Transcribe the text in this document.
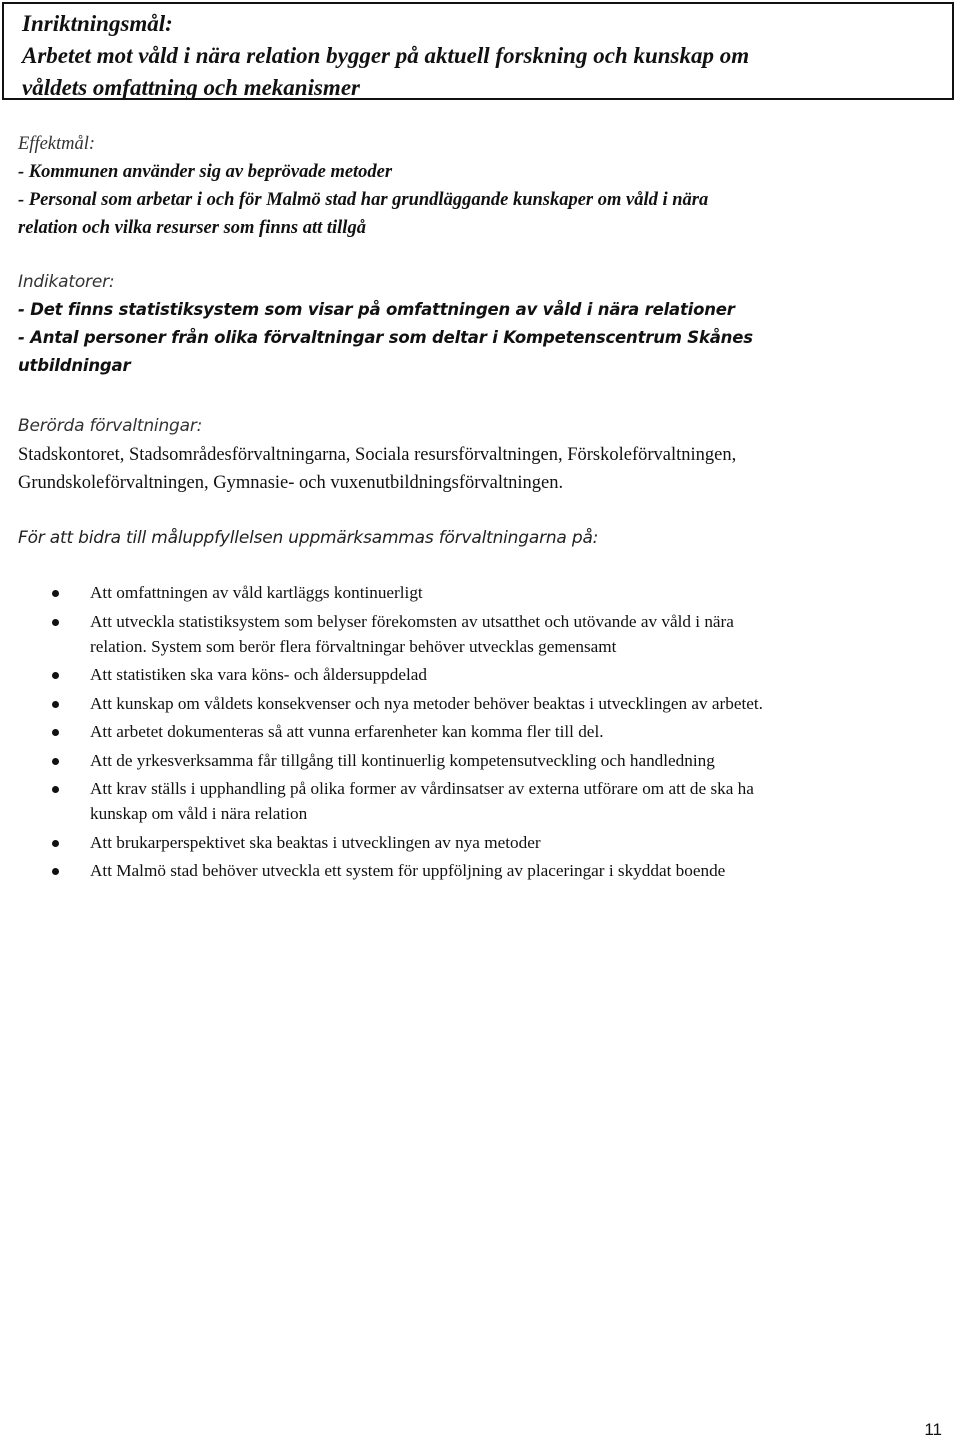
Inriktningsmål:
Arbetet mot våld i nära relation bygger på aktuell forskning och kunskap om
våldets omfattning och mekanismer
Effektmål:
- Kommunen använder sig av beprövade metoder
- Personal som arbetar i och för Malmö stad har grundläggande kunskaper om våld i nära
relation och vilka resurser som finns att tillgå
Indikatorer:
- Det finns statistiksystem som visar på omfattningen av våld i nära relationer
- Antal personer från olika förvaltningar som deltar i Kompetenscentrum Skånes
utbildningar
Berörda förvaltningar:
Stadskontoret, Stadsområdesförvaltningarna, Sociala resursförvaltningen, Förskoleförvaltningen,
Grundskoleförvaltningen, Gymnasie- och vuxenutbildningsförvaltningen.
För att bidra till måluppfyllelsen uppmärksammas förvaltningarna på:
Att omfattningen av våld kartläggs kontinuerligt
Att utveckla statistiksystem som belyser förekomsten av utsatthet och utövande av våld i nära
relation. System som berör flera förvaltningar behöver utvecklas gemensamt
Att statistiken ska vara köns- och åldersuppdelad
Att kunskap om våldets konsekvenser och nya metoder behöver beaktas i utvecklingen av arbetet.
Att arbetet dokumenteras så att vunna erfarenheter kan komma fler till del.
Att de yrkesverksamma får tillgång till kontinuerlig kompetensutveckling och handledning
Att krav ställs i upphandling på olika former av vårdinsatser av externa utförare om att de ska ha
kunskap om våld i nära relation
Att brukarperspektivet ska beaktas i utvecklingen av nya metoder
Att Malmö stad behöver utveckla ett system för uppföljning av placeringar i skyddat boende
11
